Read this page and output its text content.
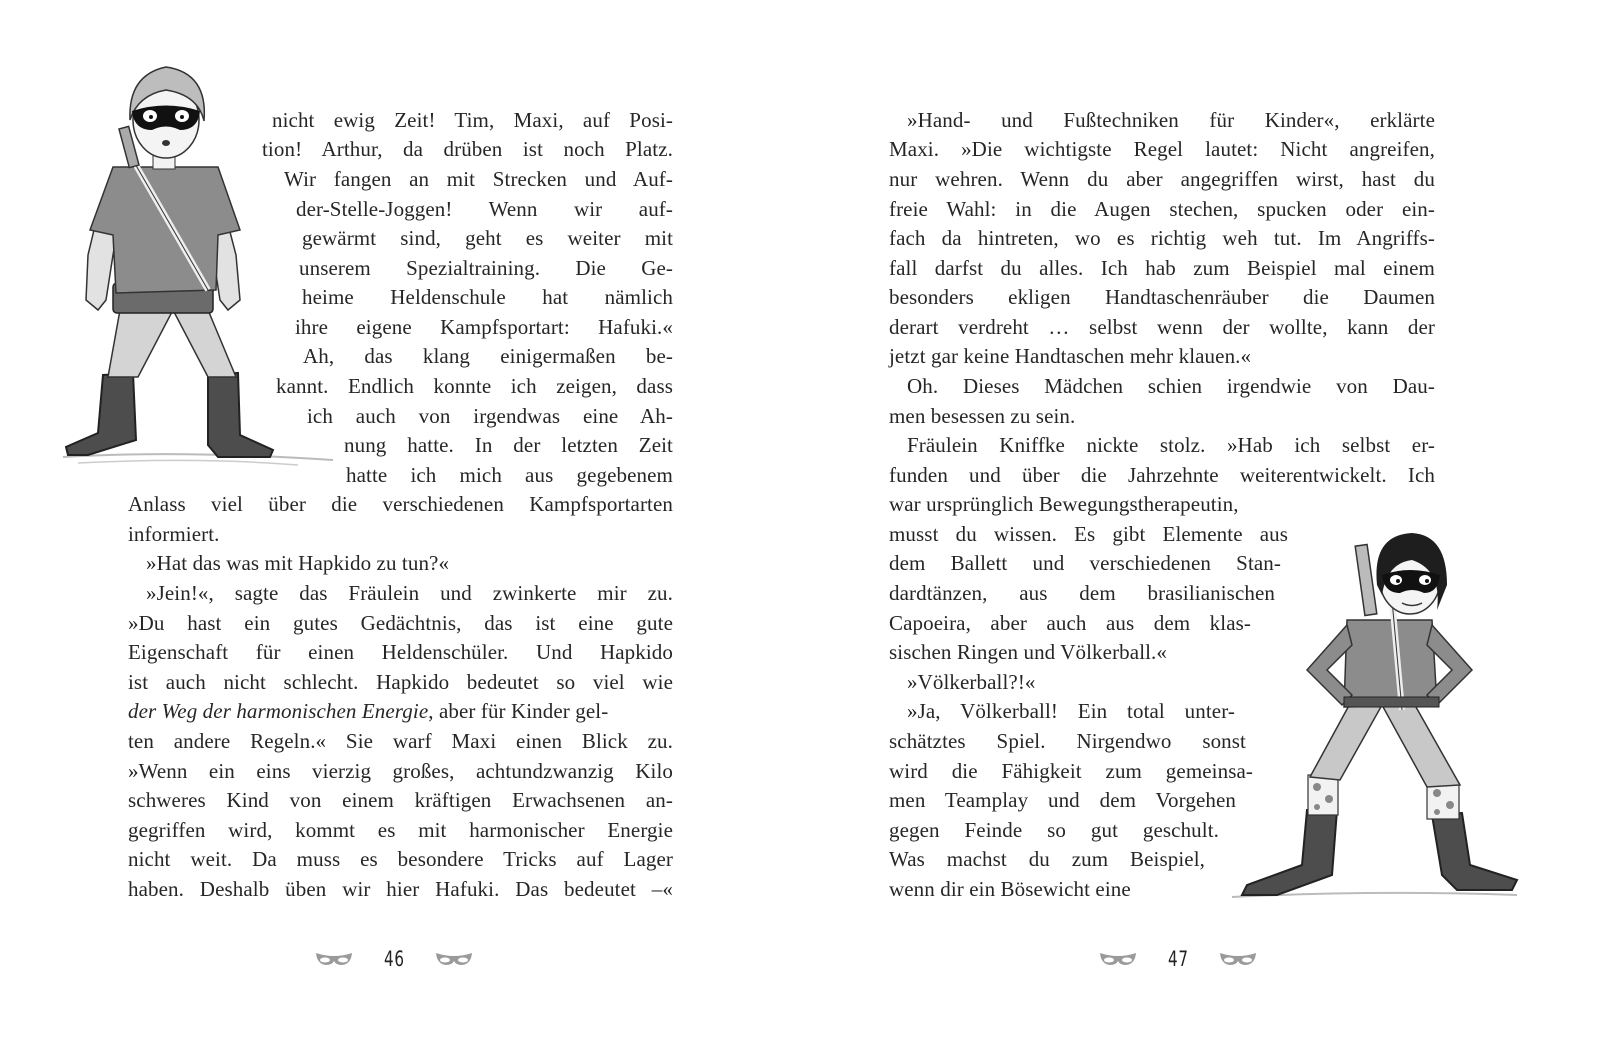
nicht ewig Zeit! Tim, Maxi, auf Posi-
tion! Arthur, da drüben ist noch Platz.
Wir fangen an mit Strecken und Auf-
der-Stelle-Joggen! Wenn wir auf-
gewärmt sind, geht es weiter mit
unserem Spezialtraining. Die Ge-
heime Heldenschule hat nämlich
ihre eigene Kampfsportart: Hafuki.«
Ah, das klang einigermaßen be-
kannt. Endlich konnte ich zeigen, dass
ich auch von irgendwas eine Ah-
nung hatte. In der letzten Zeit
hatte ich mich aus gegebenem
Anlass viel über die verschiedenen Kampfsportarten
informiert.
»Hat das was mit Hapkido zu tun?«
»Jein!«, sagte das Fräulein und zwinkerte mir zu.
»Du hast ein gutes Gedächtnis, das ist eine gute
Eigenschaft für einen Heldenschüler. Und Hapkido
ist auch nicht schlecht. Hapkido bedeutet so viel wie
der Weg der harmonischen Energie, aber für Kinder gel-
ten andere Regeln.« Sie warf Maxi einen Blick zu.
»Wenn ein eins vierzig großes, achtundzwanzig Kilo
schweres Kind von einem kräftigen Erwachsenen an-
gegriffen wird, kommt es mit harmonischer Energie
nicht weit. Da muss es besondere Tricks auf Lager
haben. Deshalb üben wir hier Hafuki. Das bedeutet –«
46
»Hand- und Fußtechniken für Kinder«, erklärte
Maxi. »Die wichtigste Regel lautet: Nicht angreifen,
nur wehren. Wenn du aber angegriffen wirst, hast du
freie Wahl: in die Augen stechen, spucken oder ein-
fach da hintreten, wo es richtig weh tut. Im Angriffs-
fall darfst du alles. Ich hab zum Beispiel mal einem
besonders ekligen Handtaschenräuber die Daumen
derart verdreht … selbst wenn der wollte, kann der
jetzt gar keine Handtaschen mehr klauen.«
Oh. Dieses Mädchen schien irgendwie von Dau-
men besessen zu sein.
Fräulein Kniffke nickte stolz. »Hab ich selbst er-
funden und über die Jahrzehnte weiterentwickelt. Ich
war ursprünglich Bewegungstherapeutin,
musst du wissen. Es gibt Elemente aus
dem Ballett und verschiedenen Stan-
dardtänzen, aus dem brasilianischen
Capoeira, aber auch aus dem klas-
sischen Ringen und Völkerball.«
»Völkerball?!«
»Ja, Völkerball! Ein total unter-
schätztes Spiel. Nirgendwo sonst
wird die Fähigkeit zum gemeinsa-
men Teamplay und dem Vorgehen
gegen Feinde so gut geschult.
Was machst du zum Beispiel,
wenn dir ein Bösewicht eine
47
